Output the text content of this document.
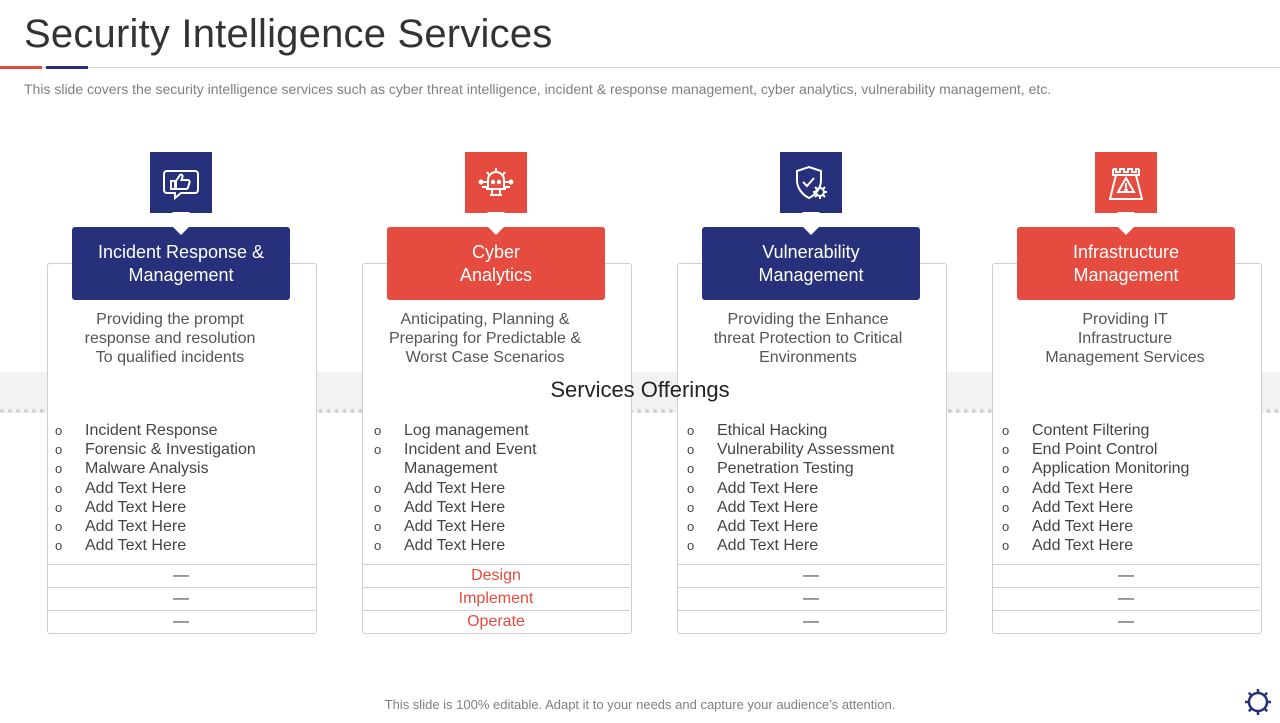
Security Intelligence Services
This slide covers the security intelligence services such as cyber threat intelligence, incident & response management, cyber analytics, vulnerability management, etc.
Incident Response &
Management
Providing the prompt
response and resolution
To qualified incidents
o Incident Response
o Forensic & Investigation
o Malware Analysis
o Add Text Here
o Add Text Here
o Add Text Here
o Add Text Here
—
—
—
Cyber
Analytics
Anticipating, Planning &
Preparing for Predictable &
Worst Case Scenarios
o Log management
o Incident and Event Management
o Add Text Here
o Add Text Here
o Add Text Here
o Add Text Here
Design
Implement
Operate
Vulnerability
Management
Providing the Enhance
threat Protection to Critical
Environments
o Ethical Hacking
o Vulnerability Assessment
o Penetration Testing
o Add Text Here
o Add Text Here
o Add Text Here
o Add Text Here
—
—
—
Infrastructure
Management
Providing IT
Infrastructure
Management Services
o Content Filtering
o End Point Control
o Application Monitoring
o Add Text Here
o Add Text Here
o Add Text Here
o Add Text Here
—
—
—
Services Offerings
This slide is 100% editable. Adapt it to your needs and capture your audience’s attention.
